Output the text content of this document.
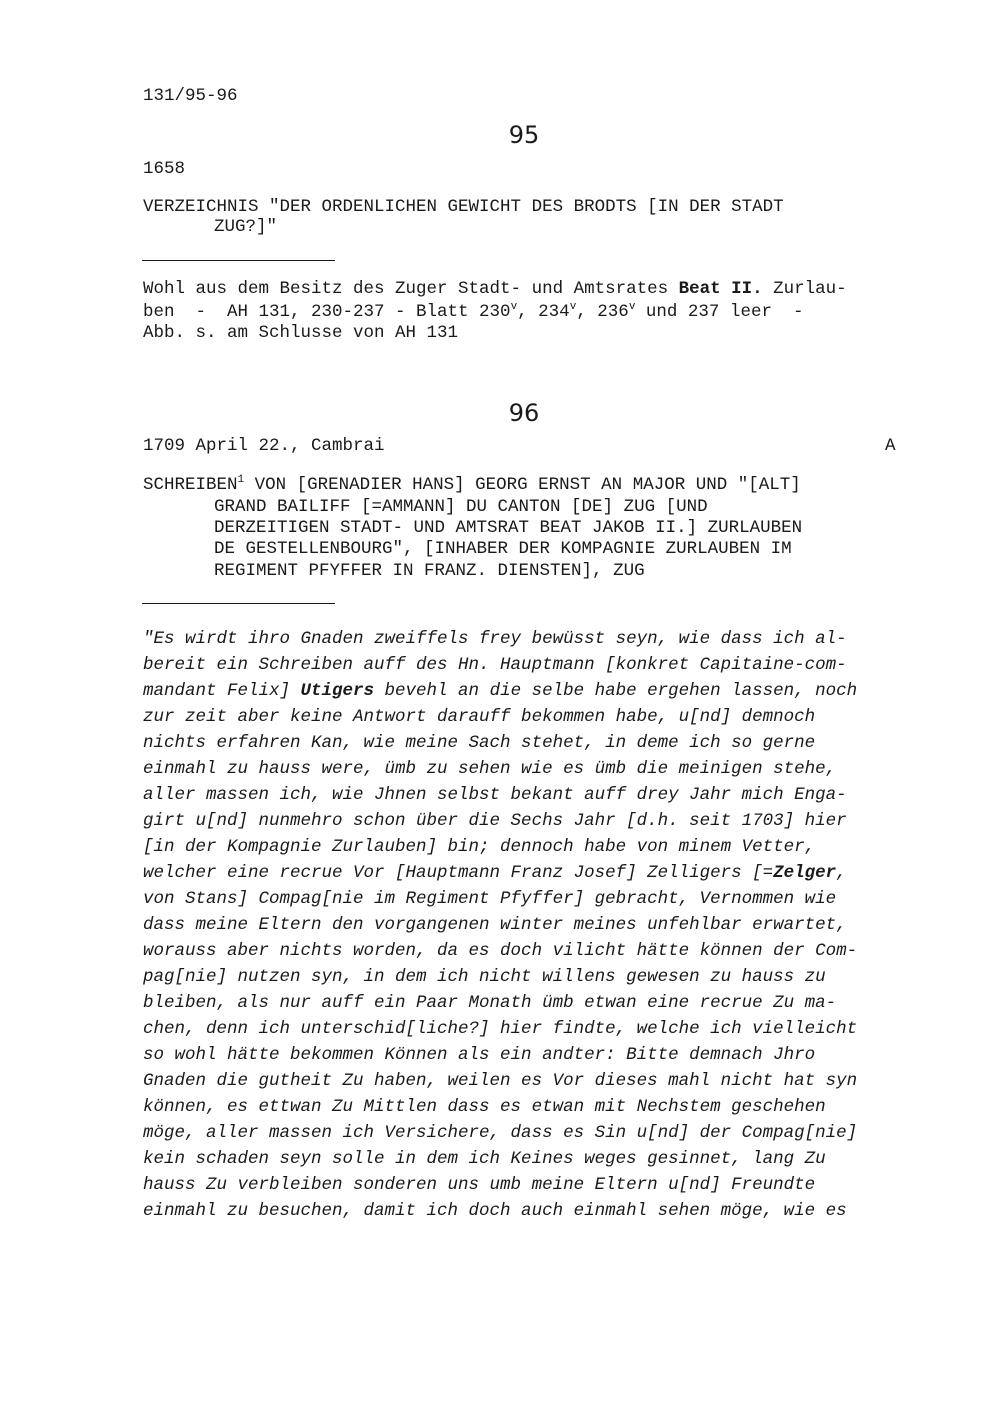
131/95-96
95
1658
VERZEICHNIS "DER ORDENLICHEN GEWICHT DES BRODTS [IN DER STADT
ZUG?]"
Wohl aus dem Besitz des Zuger Stadt- und Amtsrates Beat II. Zurlau-
ben  -  AH 131, 230-237 - Blatt 230$^v$, 234$^v$, 236$^v$ und 237 leer  -
Abb. s. am Schlusse von AH 131
96
1709 April 22., Cambrai	A
SCHREIBEN$^1$ VON [GRENADIER HANS] GEORG ERNST AN MAJOR UND "[ALT]
GRAND BAILIFF [=AMMANN] DU CANTON [DE] ZUG [UND
DERZEITIGEN STADT- UND AMTSRAT BEAT JAKOB II.] ZURLAUBEN
DE GESTELLENBOURG", [INHABER DER KOMPAGNIE ZURLAUBEN IM
REGIMENT PFYFFER IN FRANZ. DIENSTEN], ZUG
"Es wirdt ihro Gnaden zweiffels frey bewüsst seyn, wie dass ich al-
bereit ein Schreiben auff des Hn. Hauptmann [konkret Capitaine-com-
mandant Felix] Utigers bevehl an die selbe habe ergehen lassen, noch
zur zeit aber keine Antwort darauff bekommen habe, u[nd] demnoch
nichts erfahren Kan, wie meine Sach stehet, in deme ich so gerne
einmahl zu hauss were, ümb zu sehen wie es ümb die meinigen stehe,
aller massen ich, wie Jhnen selbst bekant auff drey Jahr mich Enga-
girt u[nd] nunmehro schon über die Sechs Jahr [d.h. seit 1703] hier
[in der Kompagnie Zurlauben] bin; dennoch habe von minem Vetter,
welcher eine recrue Vor [Hauptmann Franz Josef] Zelligers [=Zelger,
von Stans] Compag[nie im Regiment Pfyffer] gebracht, Vernommen wie
dass meine Eltern den vorgangenen winter meines unfehlbar erwartet,
worauss aber nichts worden, da es doch vilicht hätte können der Com-
pag[nie] nutzen syn, in dem ich nicht willens gewesen zu hauss zu
bleiben, als nur auff ein Paar Monath ümb etwan eine recrue Zu ma-
chen, denn ich unterschid[liche?] hier findte, welche ich vielleicht
so wohl hätte bekommen Können als ein andter: Bitte demnach Jhro
Gnaden die gutheit Zu haben, weilen es Vor dieses mahl nicht hat syn
können, es ettwan Zu Mittlen dass es etwan mit Nechstem geschehen
möge, aller massen ich Versichere, dass es Sin u[nd] der Compag[nie]
kein schaden seyn solle in dem ich Keines weges gesinnet, lang Zu
hauss Zu verbleiben sonderen uns umb meine Eltern u[nd] Freundte
einmahl zu besuchen, damit ich doch auch einmahl sehen möge, wie es
